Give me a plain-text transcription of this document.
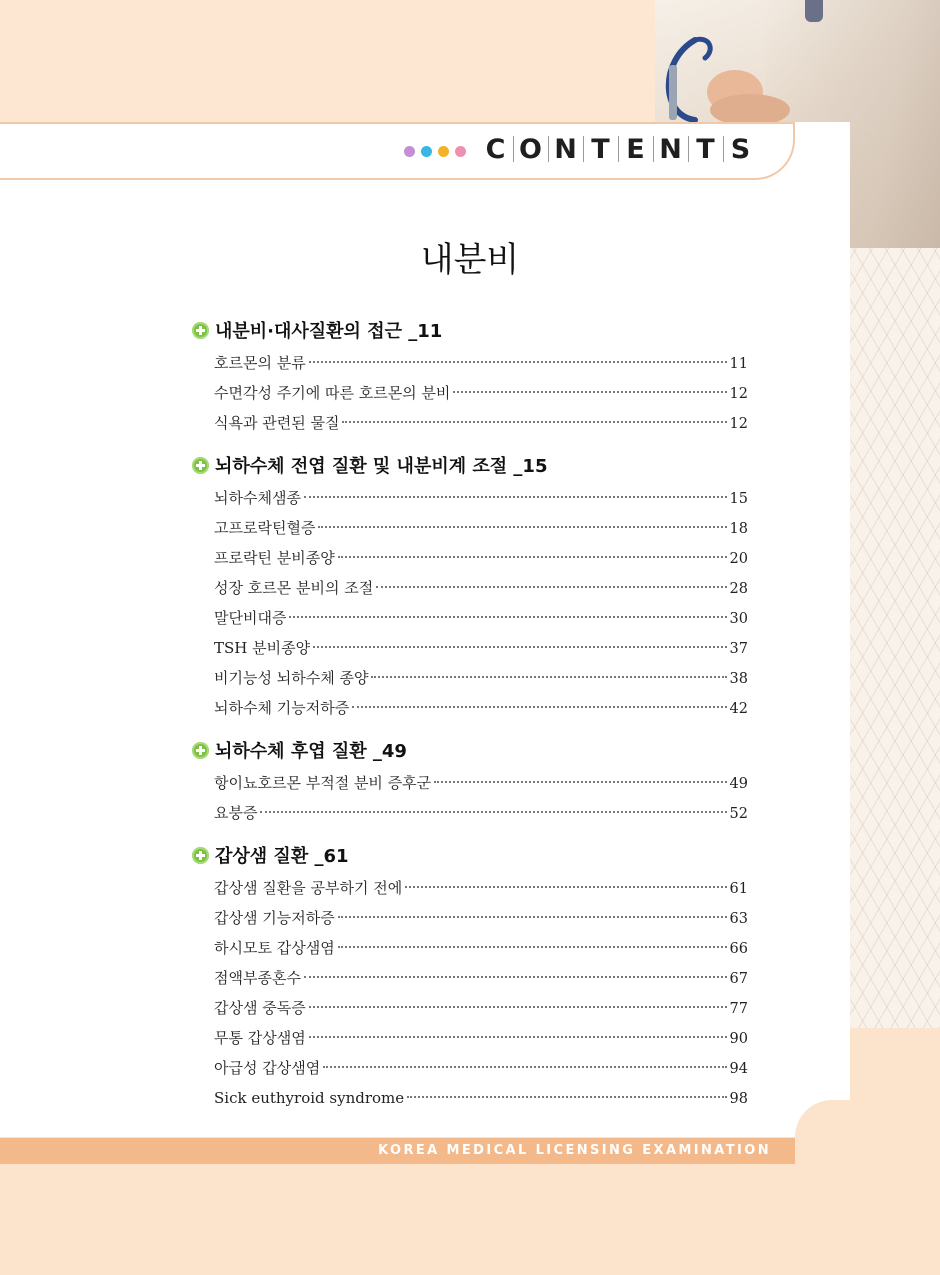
C O N T E N T S
내분비
내분비·대사질환의 접근 _11
호르몬의 분류	11
수면각성 주기에 따른 호르몬의 분비	12
식욕과 관련된 물질	12
뇌하수체 전엽 질환 및 내분비계 조절 _15
뇌하수체샘종	15
고프로락틴혈증	18
프로락틴 분비종양	20
성장 호르몬 분비의 조절	28
말단비대증	30
TSH 분비종양	37
비기능성 뇌하수체 종양	38
뇌하수체 기능저하증	42
뇌하수체 후엽 질환 _49
항이뇨호르몬 부적절 분비 증후군	49
요붕증	52
갑상샘 질환 _61
갑상샘 질환을 공부하기 전에	61
갑상샘 기능저하증	63
하시모토 갑상샘염	66
점액부종혼수	67
갑상샘 중독증	77
무통 갑상샘염	90
아급성 갑상샘염	94
Sick euthyroid syndrome	98
KOREA MEDICAL LICENSING EXAMINATION
